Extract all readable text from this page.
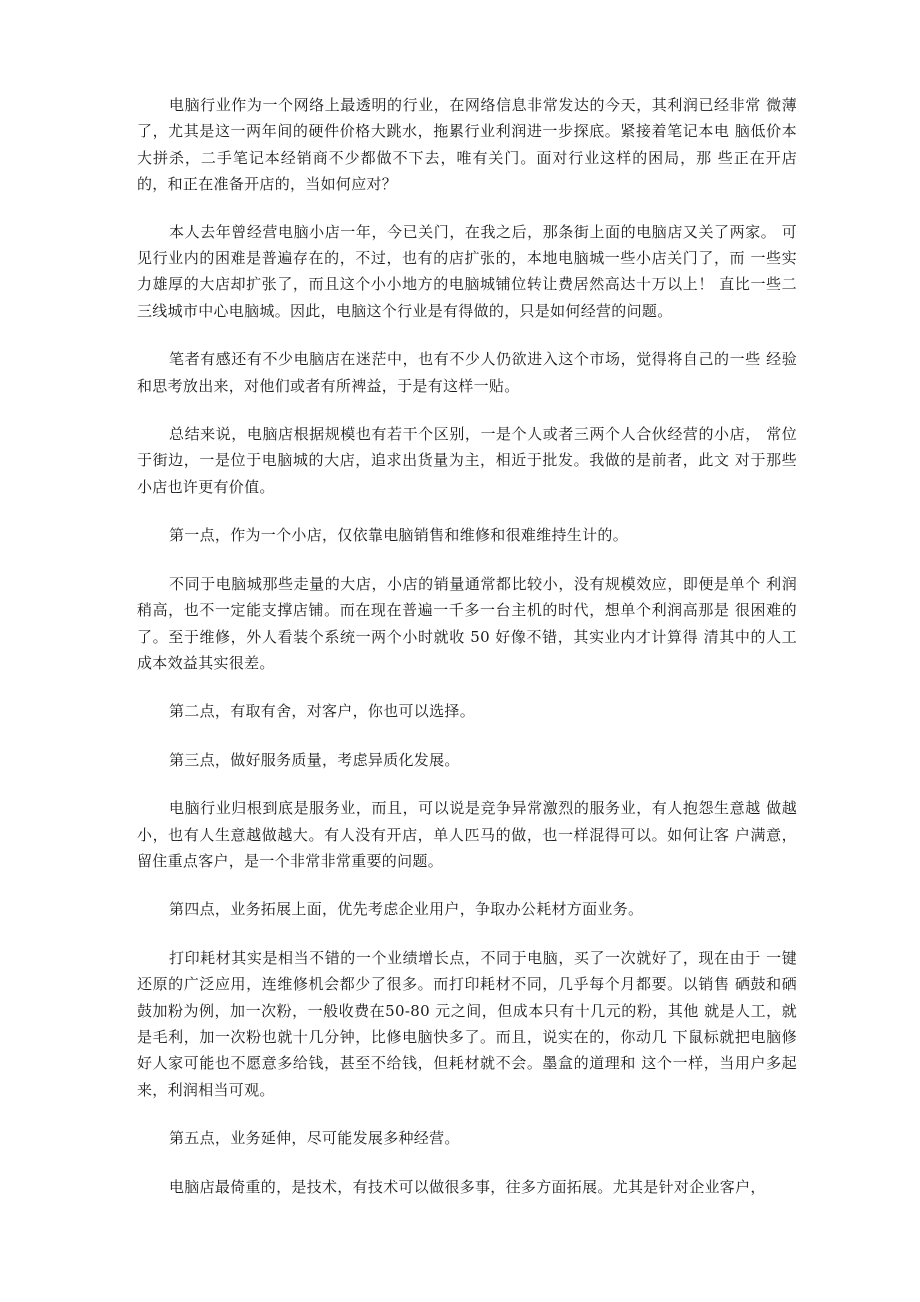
电脑行业作为一个网络上最透明的行业，在网络信息非常发达的今天，其利润已经非常 微薄了，尤其是这一两年间的硬件价格大跳水，拖累行业利润进一步探底。紧接着笔记本电 脑低价本大拼杀，二手笔记本经销商不少都做不下去，唯有关门。面对行业这样的困局，那 些正在开店的，和正在准备开店的，当如何应对？

本人去年曾经营电脑小店一年，今已关门，在我之后，那条街上面的电脑店又关了两家。 可见行业内的困难是普遍存在的，不过，也有的店扩张的，本地电脑城一些小店关门了，而 一些实力雄厚的大店却扩张了，而且这个小小地方的电脑城铺位转让费居然高达十万以上！ 直比一些二三线城市中心电脑城。因此，电脑这个行业是有得做的，只是如何经营的问题。

笔者有感还有不少电脑店在迷茫中，也有不少人仍欲进入这个市场，觉得将自己的一些 经验和思考放出来，对他们或者有所裨益，于是有这样一贴。

总结来说，电脑店根据规模也有若干个区别，一是个人或者三两个人合伙经营的小店， 常位于街边，一是位于电脑城的大店，追求出货量为主，相近于批发。我做的是前者，此文 对于那些小店也许更有价值。

第一点，作为一个小店，仅依靠电脑销售和维修和很难维持生计的。

不同于电脑城那些走量的大店，小店的销量通常都比较小，没有规模效应，即便是单个 利润稍高，也不一定能支撑店铺。而在现在普遍一千多一台主机的时代，想单个利润高那是 很困难的了。至于维修，外人看装个系统一两个小时就收 50 好像不错，其实业内才计算得 清其中的人工成本效益其实很差。

第二点，有取有舍，对客户，你也可以选择。

第三点，做好服务质量，考虑异质化发展。

电脑行业归根到底是服务业，而且，可以说是竞争异常激烈的服务业，有人抱怨生意越 做越小，也有人生意越做越大。有人没有开店，单人匹马的做，也一样混得可以。如何让客 户满意，留住重点客户，是一个非常非常重要的问题。

第四点，业务拓展上面，优先考虑企业用户，争取办公耗材方面业务。

打印耗材其实是相当不错的一个业绩增长点，不同于电脑，买了一次就好了，现在由于 一键还原的广泛应用，连维修机会都少了很多。而打印耗材不同，几乎每个月都要。以销售 硒鼓和硒鼓加粉为例，加一次粉，一般收费在50-80 元之间，但成本只有十几元的粉，其他 就是人工，就是毛利，加一次粉也就十几分钟，比修电脑快多了。而且，说实在的，你动几 下鼠标就把电脑修好人家可能也不愿意多给钱，甚至不给钱，但耗材就不会。墨盒的道理和 这个一样，当用户多起来，利润相当可观。

第五点，业务延伸，尽可能发展多种经营。

电脑店最倚重的，是技术，有技术可以做很多事，往多方面拓展。尤其是针对企业客户，
